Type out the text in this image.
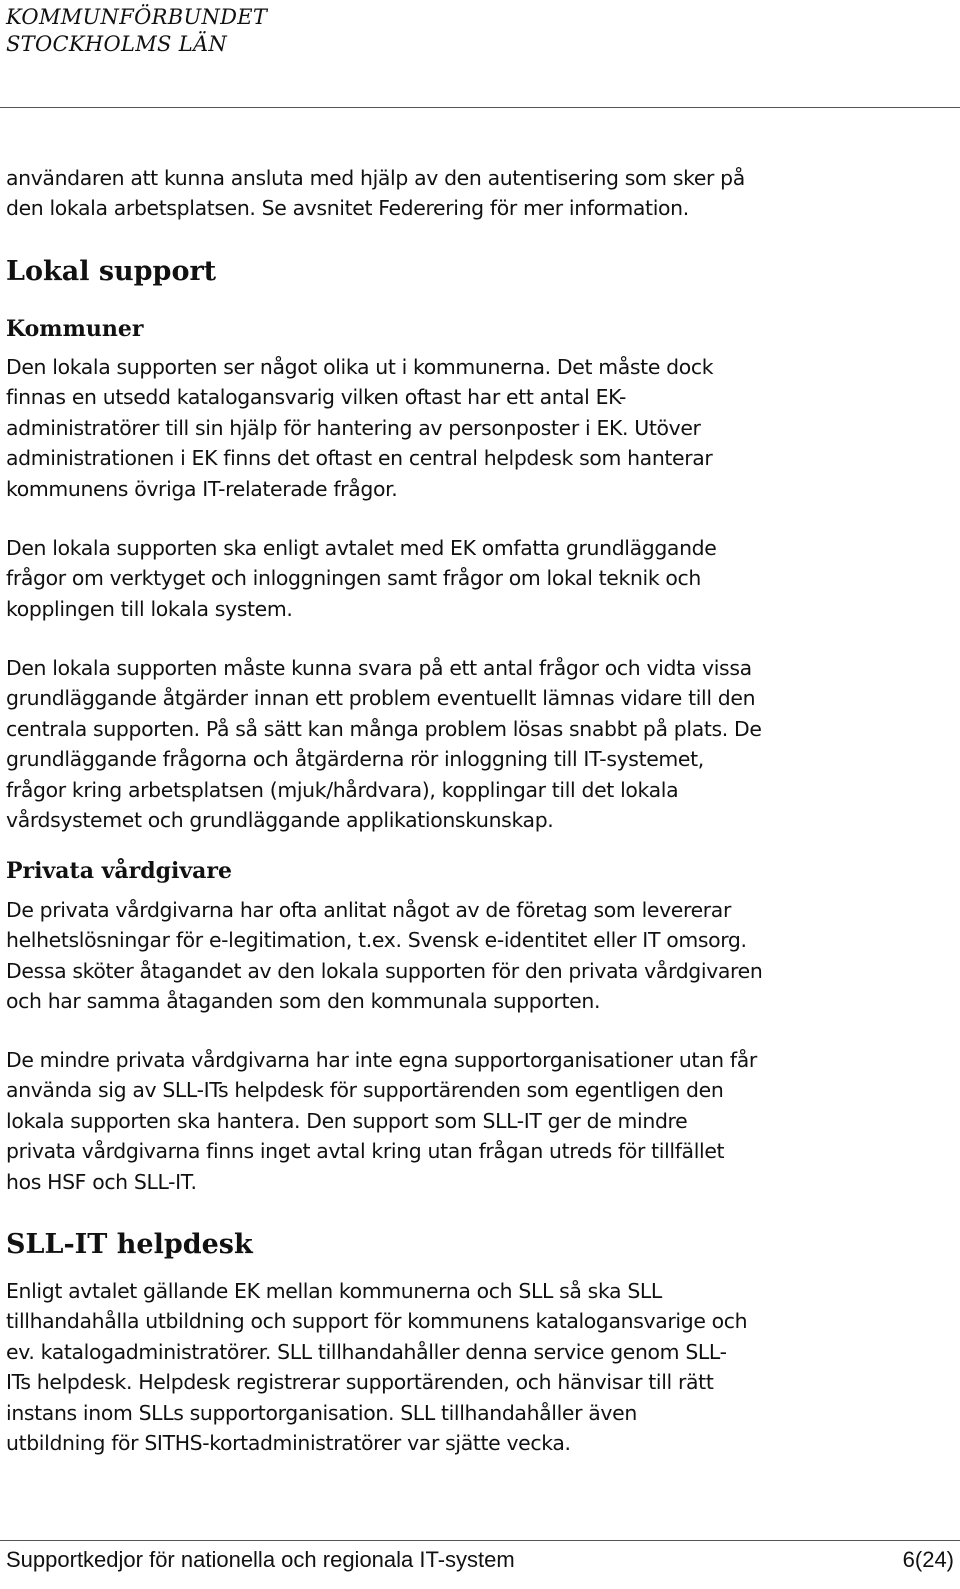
KOMMUNFÖRBUNDET
STOCKHOLMS LÄN

användaren att kunna ansluta med hjälp av den autentisering som sker på
den lokala arbetsplatsen. Se avsnitet Federering för mer information.

Lokal support
Kommuner

Den lokala supporten ser något olika ut i kommunerna. Det måste dock
finnas en utsedd katalogansvarig vilken oftast har ett antal EK-
administratörer till sin hjälp för hantering av personposter i EK. Utöver
administrationen i EK finns det oftast en central helpdesk som hanterar
kommunens övriga IT-relaterade frågor.

Den lokala supporten ska enligt avtalet med EK omfatta grundläggande
frågor om verktyget och inloggningen samt frågor om lokal teknik och
kopplingen till lokala system.

Den lokala supporten måste kunna svara på ett antal frågor och vidta vissa
grundläggande åtgärder innan ett problem eventuellt lämnas vidare till den
centrala supporten. På så sätt kan många problem lösas snabbt på plats. De
grundläggande frågorna och åtgärderna rör inloggning till IT-systemet,
frågor kring arbetsplatsen (mjuk/hårdvara), kopplingar till det lokala
vårdsystemet och grundläggande applikationskunskap.

Privata vårdgivare

De privata vårdgivarna har ofta anlitat något av de företag som levererar
helhetslösningar för e-legitimation, t.ex. Svensk e-identitet eller IT omsorg.
Dessa sköter åtagandet av den lokala supporten för den privata vårdgivaren
och har samma åtaganden som den kommunala supporten.

De mindre privata vårdgivarna har inte egna supportorganisationer utan får
använda sig av SLL-ITs helpdesk för supportärenden som egentligen den
lokala supporten ska hantera. Den support som SLL-IT ger de mindre
privata vårdgivarna finns inget avtal kring utan frågan utreds för tillfället
hos HSF och SLL-IT.

SLL-IT helpdesk

Enligt avtalet gällande EK mellan kommunerna och SLL så ska SLL
tillhandahålla utbildning och support för kommunens katalogansvarige och
ev. katalogadministratörer. SLL tillhandahåller denna service genom SLL-
ITs helpdesk. Helpdesk registrerar supportärenden, och hänvisar till rätt
instans inom SLLs supportorganisation. SLL tillhandahåller även
utbildning för SITHS-kortadministratörer var sjätte vecka.

Supportkedjor för nationella och regionala IT-system	6(24)
